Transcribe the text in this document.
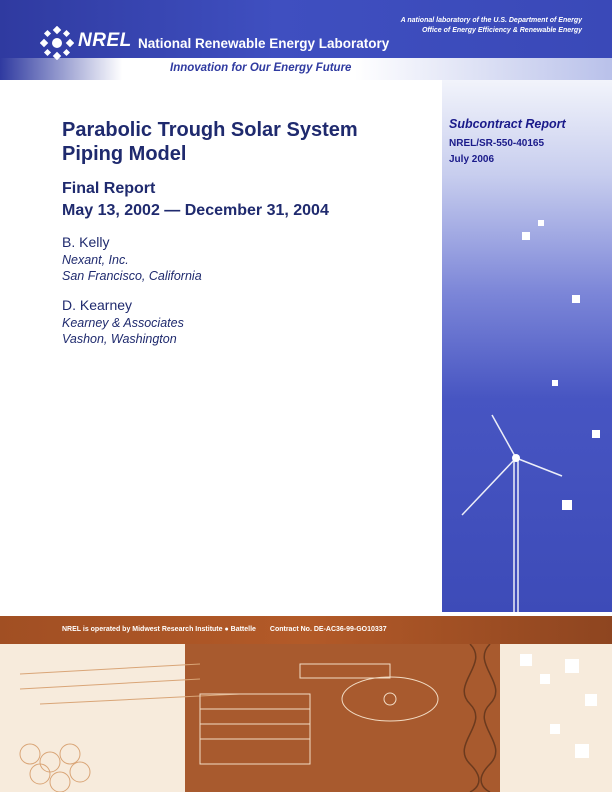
NREL National Renewable Energy Laboratory
A national laboratory of the U.S. Department of Energy
Office of Energy Efficiency & Renewable Energy
Innovation for Our Energy Future
Subcontract Report
NREL/SR-550-40165
July 2006
Parabolic Trough Solar System
Piping Model
Final Report
May 13, 2002 — December 31, 2004
B. Kelly
Nexant, Inc.
San Francisco, California
D. Kearney
Kearney & Associates
Vashon, Washington
NREL is operated by Midwest Research Institute ● Battelle Contract No. DE-AC36-99-GO10337
